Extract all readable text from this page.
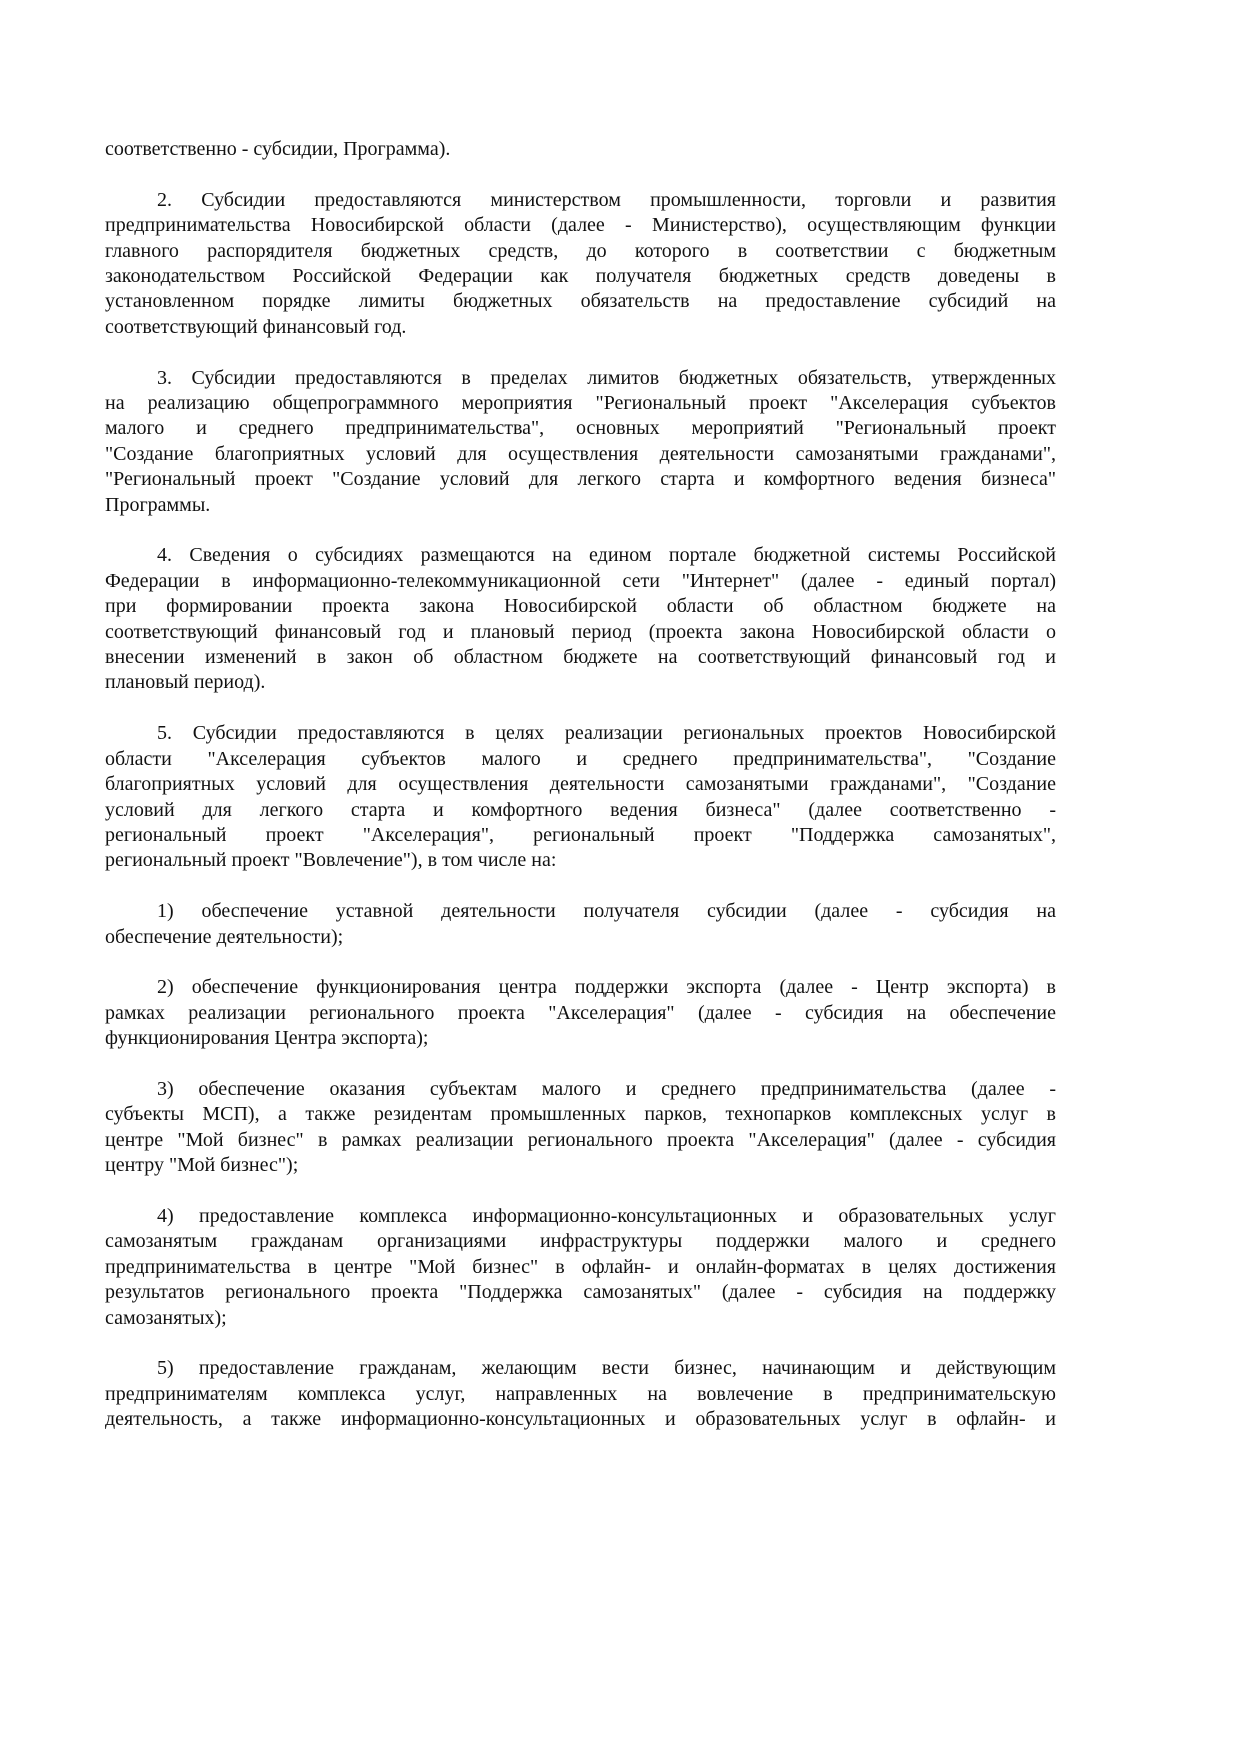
соответственно - субсидии, Программа).
2. Субсидии предоставляются министерством промышленности, торговли и развития
предпринимательства Новосибирской области (далее - Министерство), осуществляющим функции
главного распорядителя бюджетных средств, до которого в соответствии с бюджетным
законодательством Российской Федерации как получателя бюджетных средств доведены в
установленном порядке лимиты бюджетных обязательств на предоставление субсидий на
соответствующий финансовый год.
3. Субсидии предоставляются в пределах лимитов бюджетных обязательств, утвержденных
на реализацию общепрограммного мероприятия "Региональный проект "Акселерация субъектов
малого и среднего предпринимательства", основных мероприятий "Региональный проект
"Создание благоприятных условий для осуществления деятельности самозанятыми гражданами",
"Региональный проект "Создание условий для легкого старта и комфортного ведения бизнеса"
Программы.
4. Сведения о субсидиях размещаются на едином портале бюджетной системы Российской
Федерации в информационно-телекоммуникационной сети "Интернет" (далее - единый портал)
при формировании проекта закона Новосибирской области об областном бюджете на
соответствующий финансовый год и плановый период (проекта закона Новосибирской области о
внесении изменений в закон об областном бюджете на соответствующий финансовый год и
плановый период).
5. Субсидии предоставляются в целях реализации региональных проектов Новосибирской
области "Акселерация субъектов малого и среднего предпринимательства", "Создание
благоприятных условий для осуществления деятельности самозанятыми гражданами", "Создание
условий для легкого старта и комфортного ведения бизнеса" (далее соответственно -
региональный проект "Акселерация", региональный проект "Поддержка самозанятых",
региональный проект "Вовлечение"), в том числе на:
1) обеспечение уставной деятельности получателя субсидии (далее - субсидия на
обеспечение деятельности);
2) обеспечение функционирования центра поддержки экспорта (далее - Центр экспорта) в
рамках реализации регионального проекта "Акселерация" (далее - субсидия на обеспечение
функционирования Центра экспорта);
3) обеспечение оказания субъектам малого и среднего предпринимательства (далее -
субъекты МСП), а также резидентам промышленных парков, технопарков комплексных услуг в
центре "Мой бизнес" в рамках реализации регионального проекта "Акселерация" (далее - субсидия
центру "Мой бизнес");
4) предоставление комплекса информационно-консультационных и образовательных услуг
самозанятым гражданам организациями инфраструктуры поддержки малого и среднего
предпринимательства в центре "Мой бизнес" в офлайн- и онлайн-форматах в целях достижения
результатов регионального проекта "Поддержка самозанятых" (далее - субсидия на поддержку
самозанятых);
5) предоставление гражданам, желающим вести бизнес, начинающим и действующим
предпринимателям комплекса услуг, направленных на вовлечение в предпринимательскую
деятельность, а также информационно-консультационных и образовательных услуг в офлайн- и
